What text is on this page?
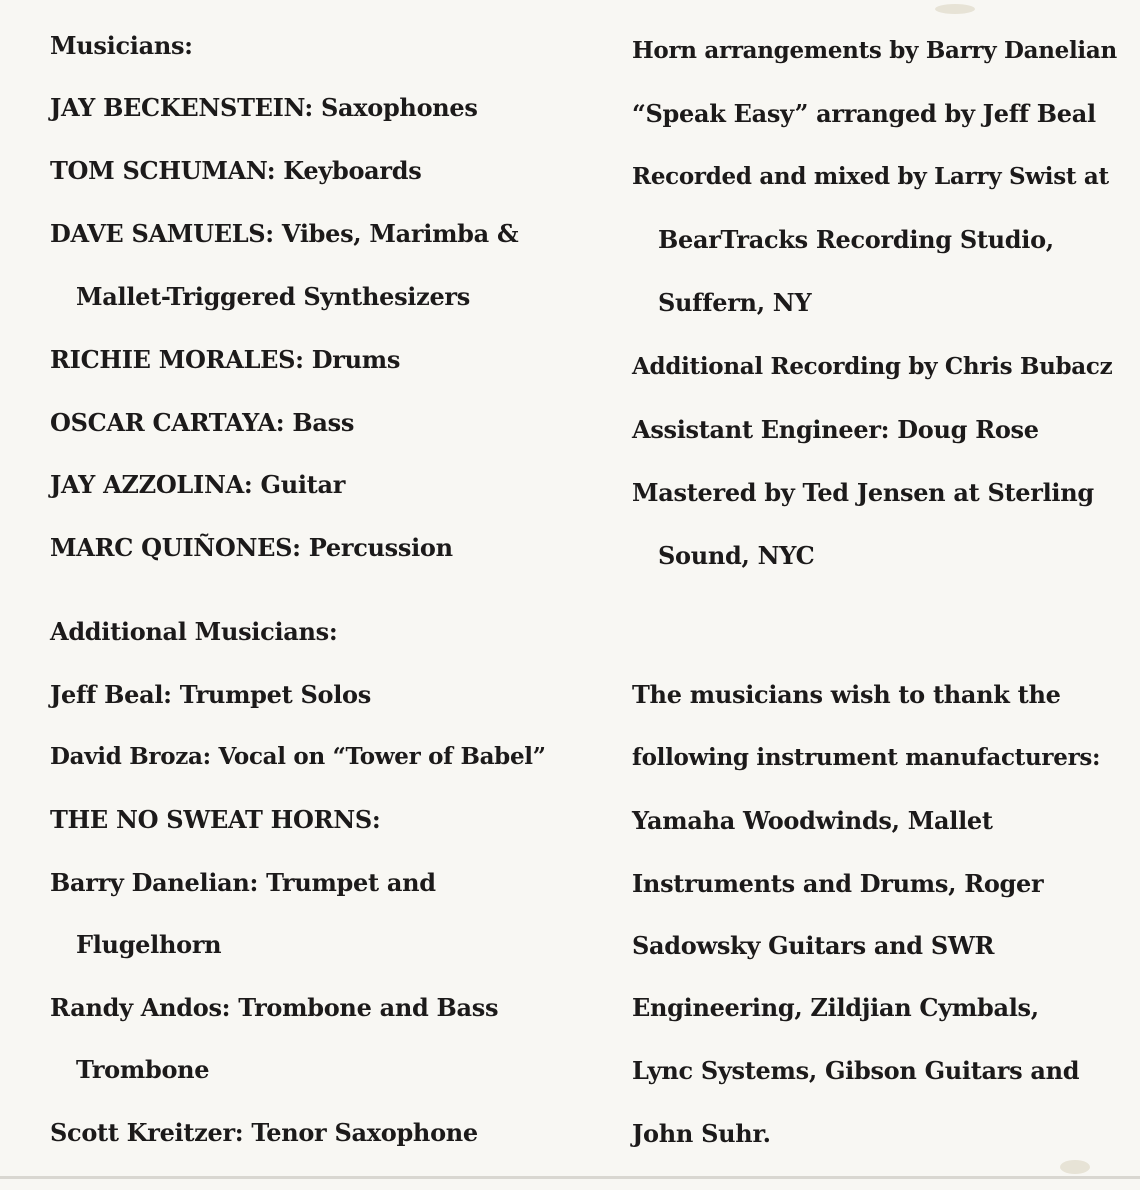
Musicians:
JAY BECKENSTEIN: Saxophones
TOM SCHUMAN: Keyboards
DAVE SAMUELS: Vibes, Marimba &
Mallet-Triggered Synthesizers
RICHIE MORALES: Drums
OSCAR CARTAYA: Bass
JAY AZZOLINA: Guitar
MARC QUIÑONES: Percussion
Additional Musicians:
Jeff Beal: Trumpet Solos
David Broza: Vocal on “Tower of Babel”
THE NO SWEAT HORNS:
Barry Danelian: Trumpet and
Flugelhorn
Randy Andos: Trombone and Bass
Trombone
Scott Kreitzer: Tenor Saxophone
Horn arrangements by Barry Danelian
“Speak Easy” arranged by Jeff Beal
Recorded and mixed by Larry Swist at
BearTracks Recording Studio,
Suffern, NY
Additional Recording by Chris Bubacz
Assistant Engineer: Doug Rose
Mastered by Ted Jensen at Sterling
Sound, NYC
The musicians wish to thank the
following instrument manufacturers:
Yamaha Woodwinds, Mallet
Instruments and Drums, Roger
Sadowsky Guitars and SWR
Engineering, Zildjian Cymbals,
Lync Systems, Gibson Guitars and
John Suhr.
